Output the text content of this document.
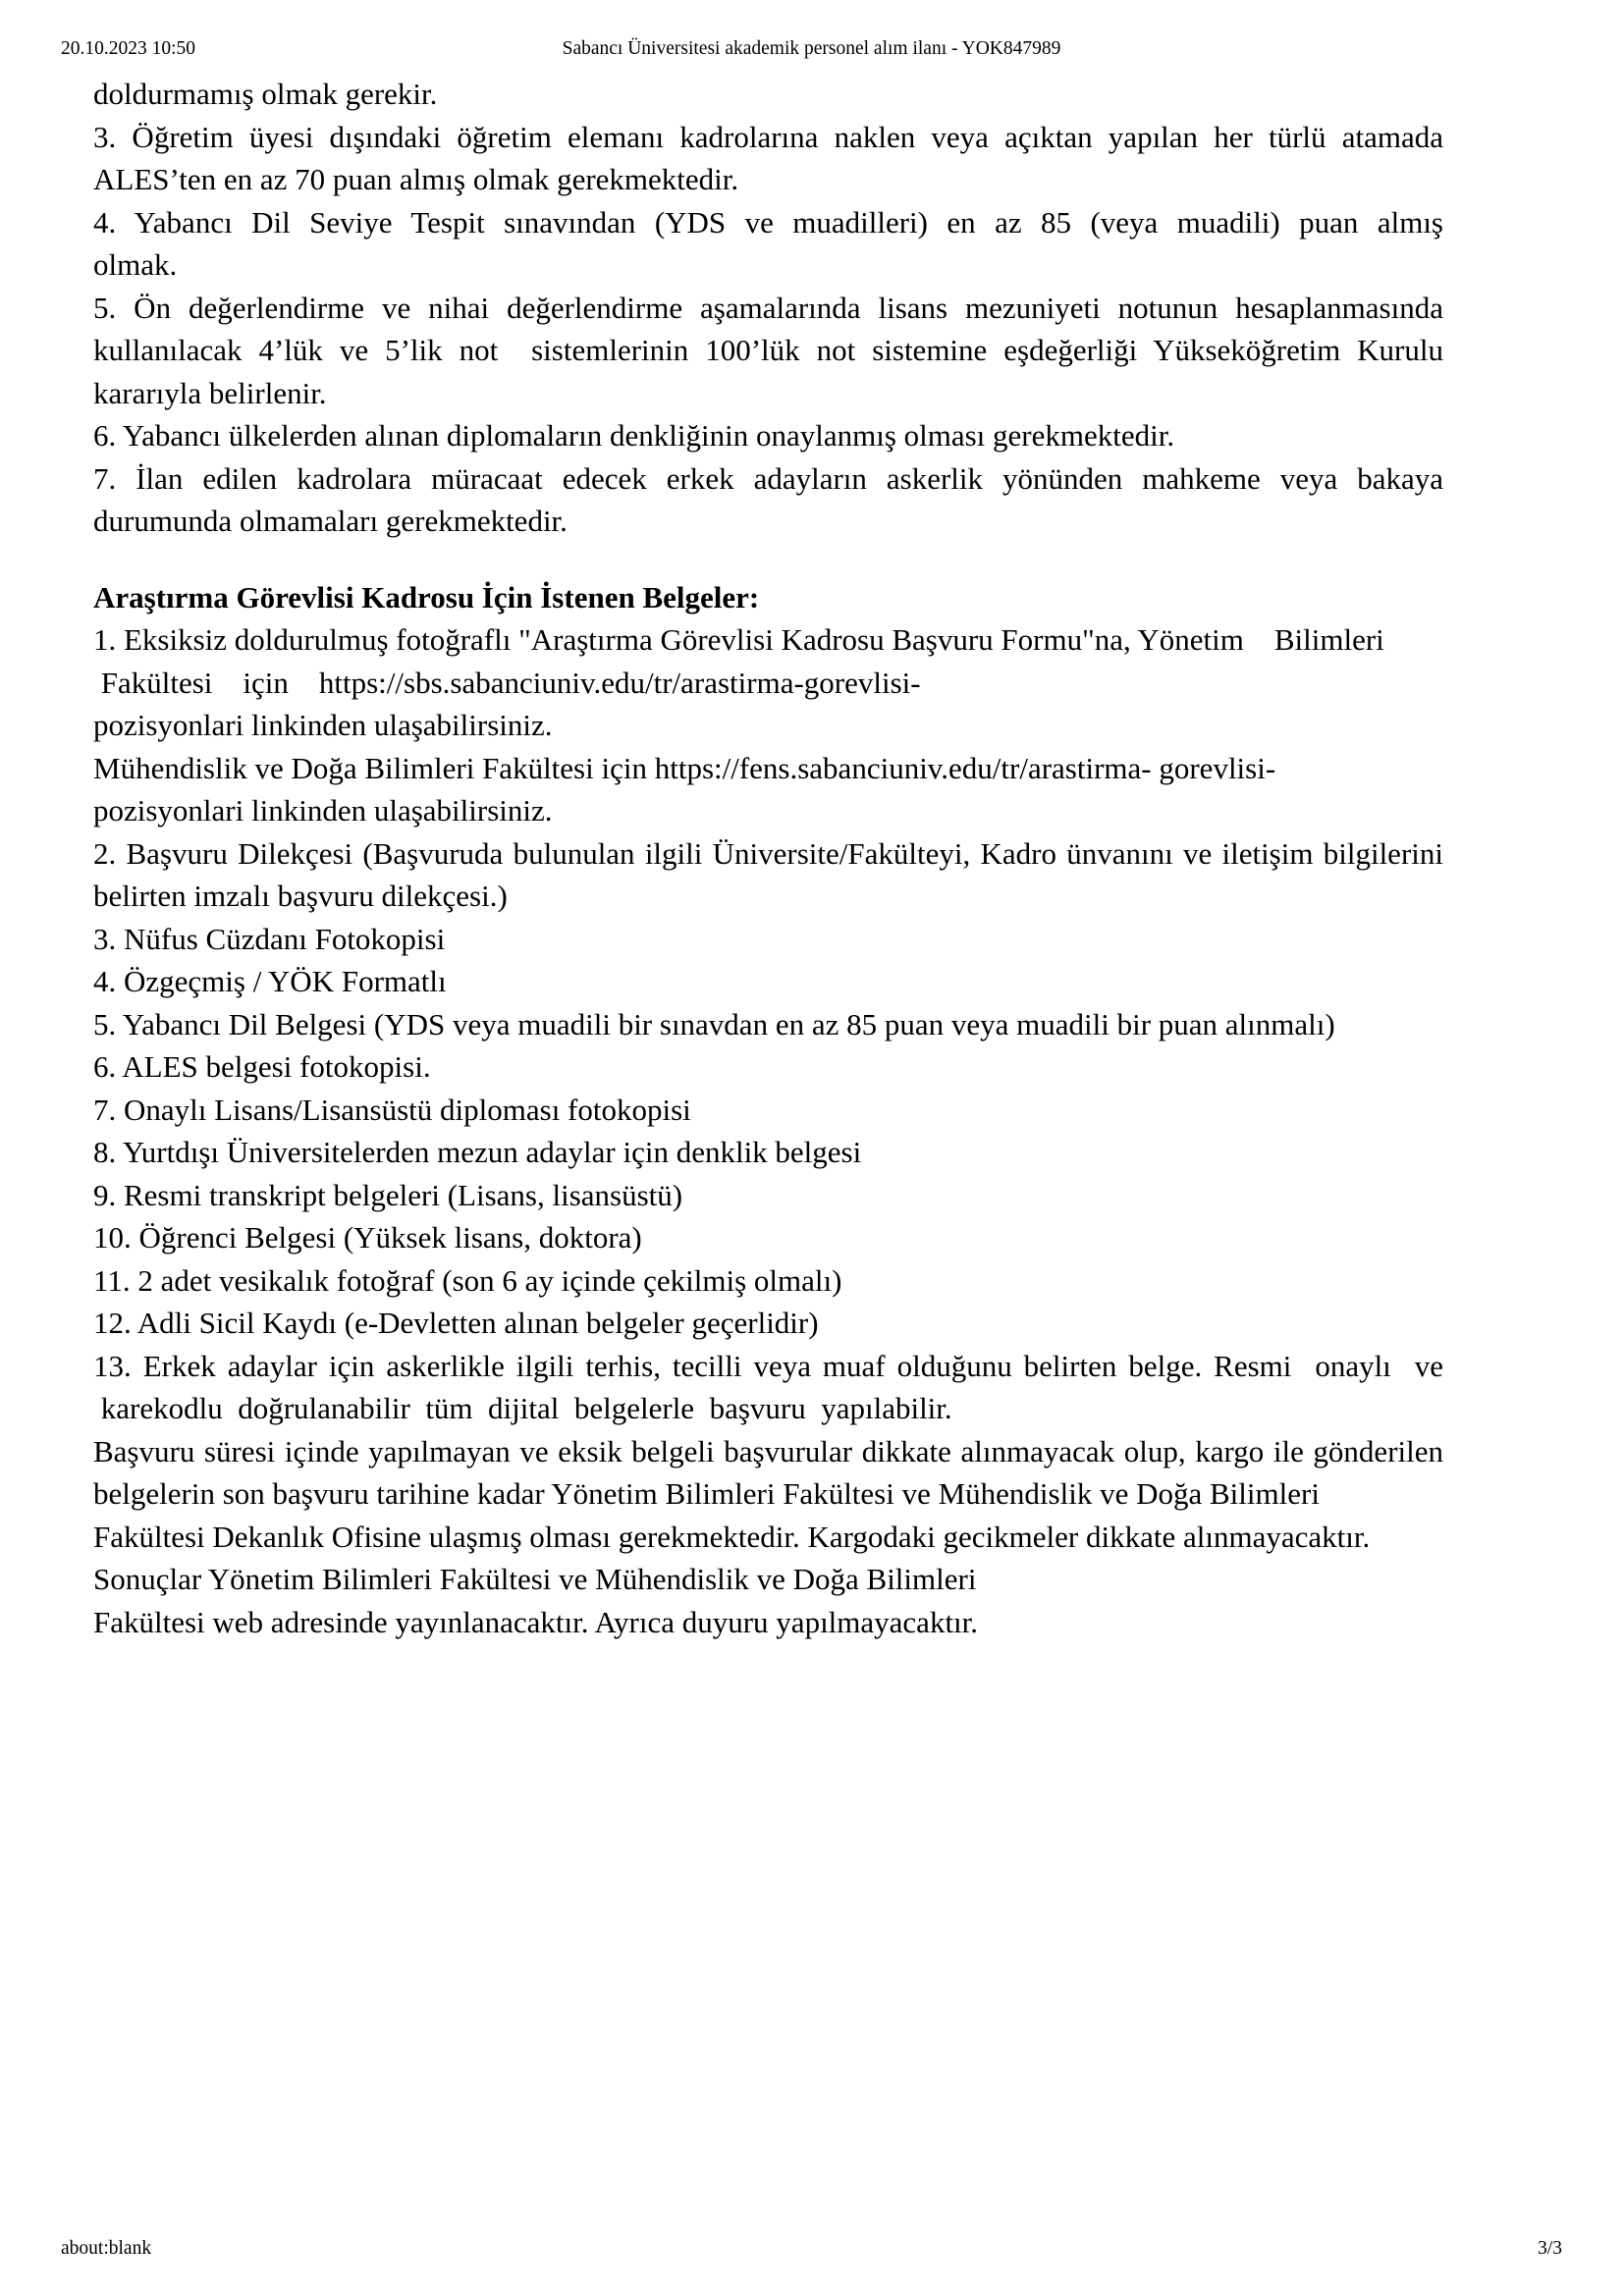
20.10.2023 10:50	Sabancı Üniversitesi akademik personel alım ilanı - YOK847989

doldurmamış olmak gerekir.

3. Öğretim üyesi dışındaki öğretim elemanı kadrolarına naklen veya açıktan yapılan her türlü atamada
ALES’ten en az 70 puan almış olmak gerekmektedir.

4. Yabancı Dil Seviye Tespit sınavından (YDS ve muadilleri) en az 85 (veya muadili) puan almış
olmak.

5. Ön değerlendirme ve nihai değerlendirme aşamalarında lisans mezuniyeti notunun hesaplanmasında
kullanılacak 4’lük ve 5’lik not  sistemlerinin 100’lük not sistemine eşdeğerliği Yükseköğretim Kurulu
kararıyla belirlenir.

6. Yabancı ülkelerden alınan diplomaların denkliğinin onaylanmış olması gerekmektedir.

7. İlan edilen kadrolara müracaat edecek erkek adayların askerlik yönünden mahkeme veya bakaya
durumunda olmamaları gerekmektedir.

Araştırma Görevlisi Kadrosu İçin İstenen Belgeler:

1. Eksiksiz doldurulmuş fotoğraflı "Araştırma Görevlisi Kadrosu Başvuru Formu"na, Yönetim    Bilimleri
Fakültesi    için    https://sbs.sabanciuniv.edu/tr/arastirma-gorevlisi-
pozisyonlari linkinden ulaşabilirsiniz.
Mühendislik ve Doğa Bilimleri Fakültesi için https://fens.sabanciuniv.edu/tr/arastirma- gorevlisi-
pozisyonlari linkinden ulaşabilirsiniz.

2. Başvuru Dilekçesi (Başvuruda bulunulan ilgili Üniversite/Fakülteyi, Kadro ünvanını ve iletişim bilgilerini
belirten imzalı başvuru dilekçesi.)

3. Nüfus Cüzdanı Fotokopisi

4. Özgeçmiş / YÖK Formatlı

5. Yabancı Dil Belgesi (YDS veya muadili bir sınavdan en az 85 puan veya muadili bir puan alınmalı)

6. ALES belgesi fotokopisi.

7. Onaylı Lisans/Lisansüstü diploması fotokopisi

8. Yurtdışı Üniversitelerden mezun adaylar için denklik belgesi

9. Resmi transkript belgeleri (Lisans, lisansüstü)

10. Öğrenci Belgesi (Yüksek lisans, doktora)

11. 2 adet vesikalık fotoğraf (son 6 ay içinde çekilmiş olmalı)

12. Adli Sicil Kaydı (e-Devletten alınan belgeler geçerlidir)

13. Erkek adaylar için askerlikle ilgili terhis, tecilli veya muaf olduğunu belirten belge. Resmi  onaylı  ve
karekodlu  doğrulanabilir  tüm  dijital  belgelerle  başvuru  yapılabilir.

Başvuru süresi içinde yapılmayan ve eksik belgeli başvurular dikkate alınmayacak olup, kargo ile gönderilen
belgelerin son başvuru tarihine kadar Yönetim Bilimleri Fakültesi ve Mühendislik ve Doğa Bilimleri
Fakültesi Dekanlık Ofisine ulaşmış olması gerekmektedir. Kargodaki gecikmeler dikkate alınmayacaktır.

Sonuçlar Yönetim Bilimleri Fakültesi ve Mühendislik ve Doğa Bilimleri
Fakültesi web adresinde yayınlanacaktır. Ayrıca duyuru yapılmayacaktır.

about:blank	3/3
